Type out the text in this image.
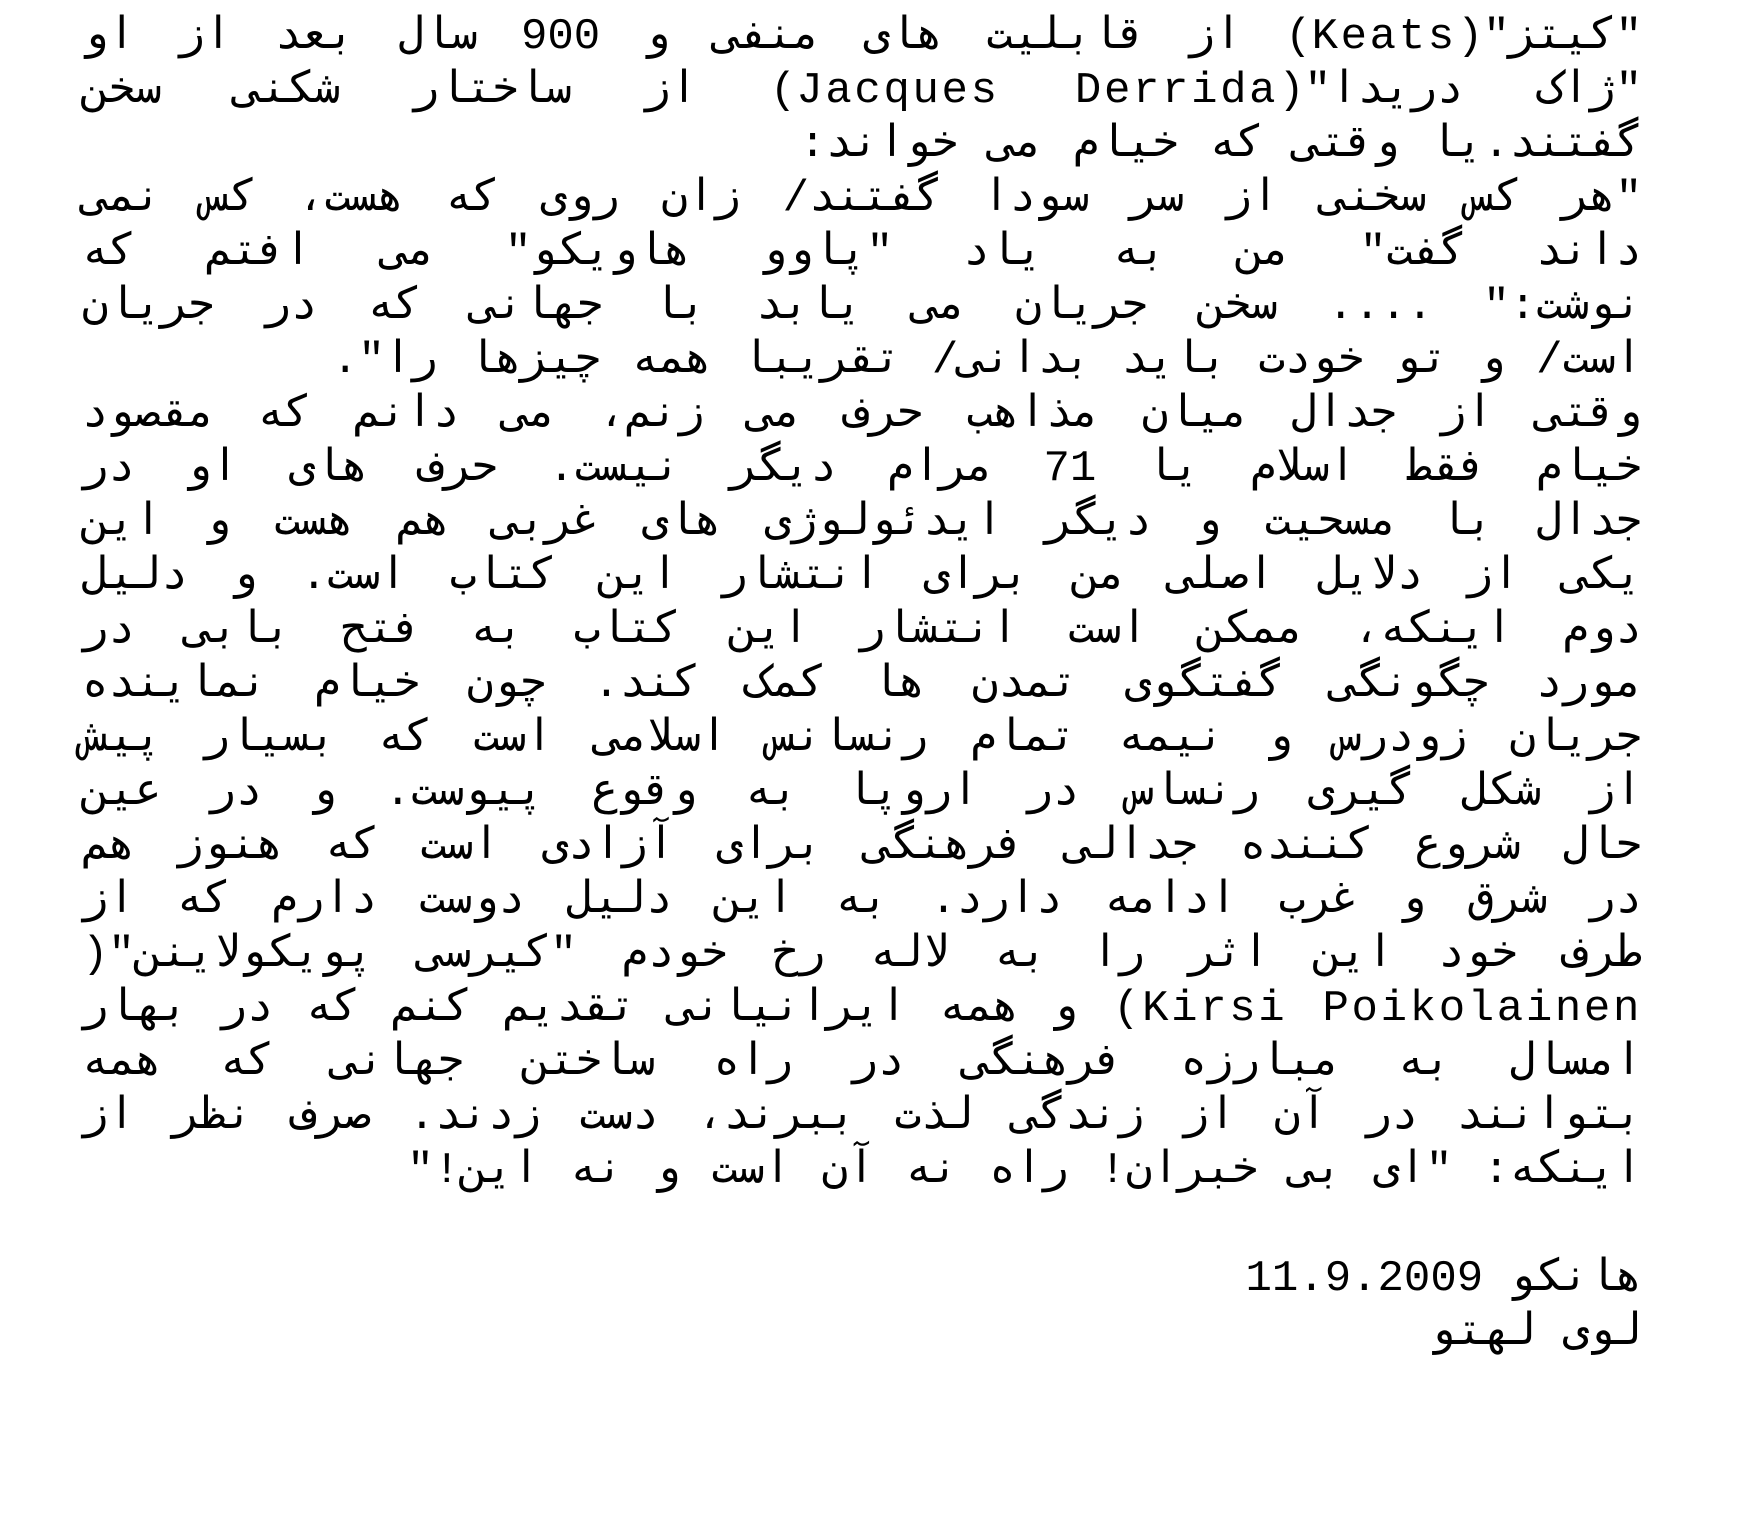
"کیتز"(Keats) از قابلیت های منفی و 900 سال بعد از او
"ژاک دریدا"(Jacques Derrida) از ساختار شکنی سخن
گفتند.یا وقتی که خیام می خواند:
"هر کس سخنی از سر سودا گفتند/ زان روی که هست، کس نمی
داند گفت" من به یاد "پاوو هاویکو" می افتم که
نوشت:" .... سخن جریان می یابد با جهانی که در جریان
است/ و تو خودت باید بدانی/ تقریبا همه چیزها را".
وقتی از جدال میان مذاهب حرف می زنم، می دانم که مقصود
خیام فقط اسلام یا 71 مرام دیگر نیست. حرف های او در
جدال با مسحیت و دیگر ایدئولوژی های غربی هم هست و این
یکی از دلایل اصلی من برای انتشار این کتاب است. و دلیل
دوم اینکه، ممکن است انتشار این کتاب به فتح بابی در
مورد چگونگی گفتگوی تمدن ها کمک کند. چون خیام نماینده
جریان زودرس و نیمه تمام رنسانس اسلامی است که بسیار پیش
از شکل گیری رنساس در اروپا به وقوع پیوست. و در عین
حال شروع کننده جدالی فرهنگی برای آزادی است که هنوز هم
در شرق و غرب ادامه دارد. به این دلیل دوست دارم که از
طرف خود این اثر را به لاله رخ خودم "کیرسی پویکولاینن"(
Kirsi Poikolainen) و همه ایرانیانی تقدیم کنم که در بهار
امسال به مبارزه فرهنگی در راه ساختن جهانی که همه
بتوانند در آن از زندگی لذت ببرند، دست زدند. صرف نظر از
اینکه: "ای بی خبران! راه نه آن است و نه این!"
هانکو 11.9.2009
لوی لهتو
